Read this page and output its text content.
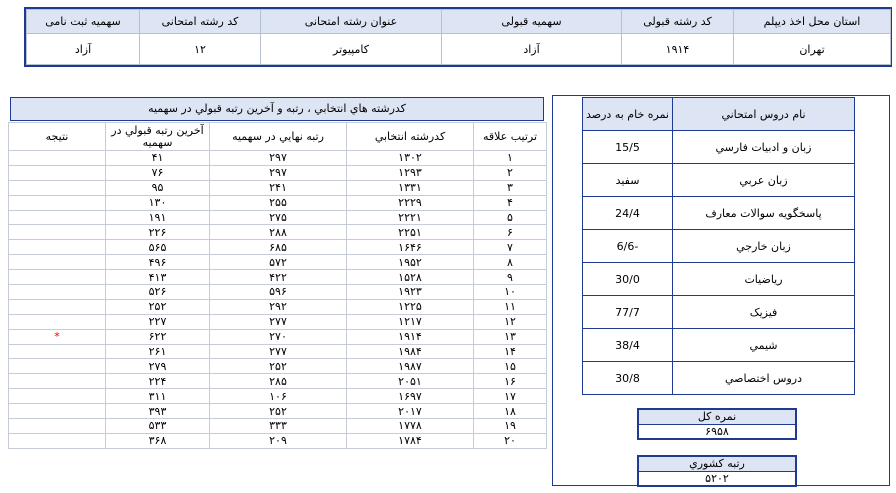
سهمیه ثبت نامی	کد رشته امتحانی	عنوان رشته امتحانی	سهمیه قبولی	کد رشته قبولی	استان محل اخذ دیپلم
آزاد	۱۲	کامپیوتر	آزاد	۱۹۱۴	تهران
کدرشته هاي انتخابي ، رتبه و آخرين رتبه قبولي در سهميه
ترتيب علاقه	کدرشته انتخابي	رتبه نهايي در سهميه	آخرين رتبه قبولي در سهميه	نتيجه
۱	۱۳۰۲	۲۹۷	۴۱	
۲	۱۲۹۳	۲۹۷	۷۶	
۳	۱۳۳۱	۲۴۱	۹۵	
۴	۲۲۲۹	۲۵۵	۱۳۰	
۵	۲۲۲۱	۲۷۵	۱۹۱	
۶	۲۲۵۱	۲۸۸	۲۲۶	
۷	۱۶۴۶	۶۸۵	۵۶۵	
۸	۱۹۵۲	۵۷۲	۴۹۶	
۹	۱۵۲۸	۴۲۲	۴۱۳	
۱۰	۱۹۲۳	۵۹۶	۵۲۶	
۱۱	۱۲۲۵	۲۹۲	۲۵۲	
۱۲	۱۲۱۷	۲۷۷	۲۲۷	
۱۳	۱۹۱۴	۲۷۰	۶۲۲	*
۱۴	۱۹۸۴	۲۷۷	۲۶۱	
۱۵	۱۹۸۷	۲۵۲	۲۷۹	
۱۶	۲۰۵۱	۲۸۵	۲۲۴	
۱۷	۱۶۹۷	۱۰۶	۳۱۱	
۱۸	۲۰۱۷	۲۵۲	۳۹۳	
۱۹	۱۷۷۸	۳۳۳	۵۳۳	
۲۰	۱۷۸۴	۲۰۹	۳۶۸	
نام دروس امتحاني	نمره خام به درصد
زبان و ادبيات فارسي	15/5
زبان عربي	سفيد
پاسخگويه سوالات معارف	24/4
زبان خارجي	-6/6
رياضيات	30/0
فيزيک	77/7
شيمي	38/4
دروس اختصاصي	30/8
نمره کل
۶۹۵۸
رتبه کشوري
۵۲۰۲
